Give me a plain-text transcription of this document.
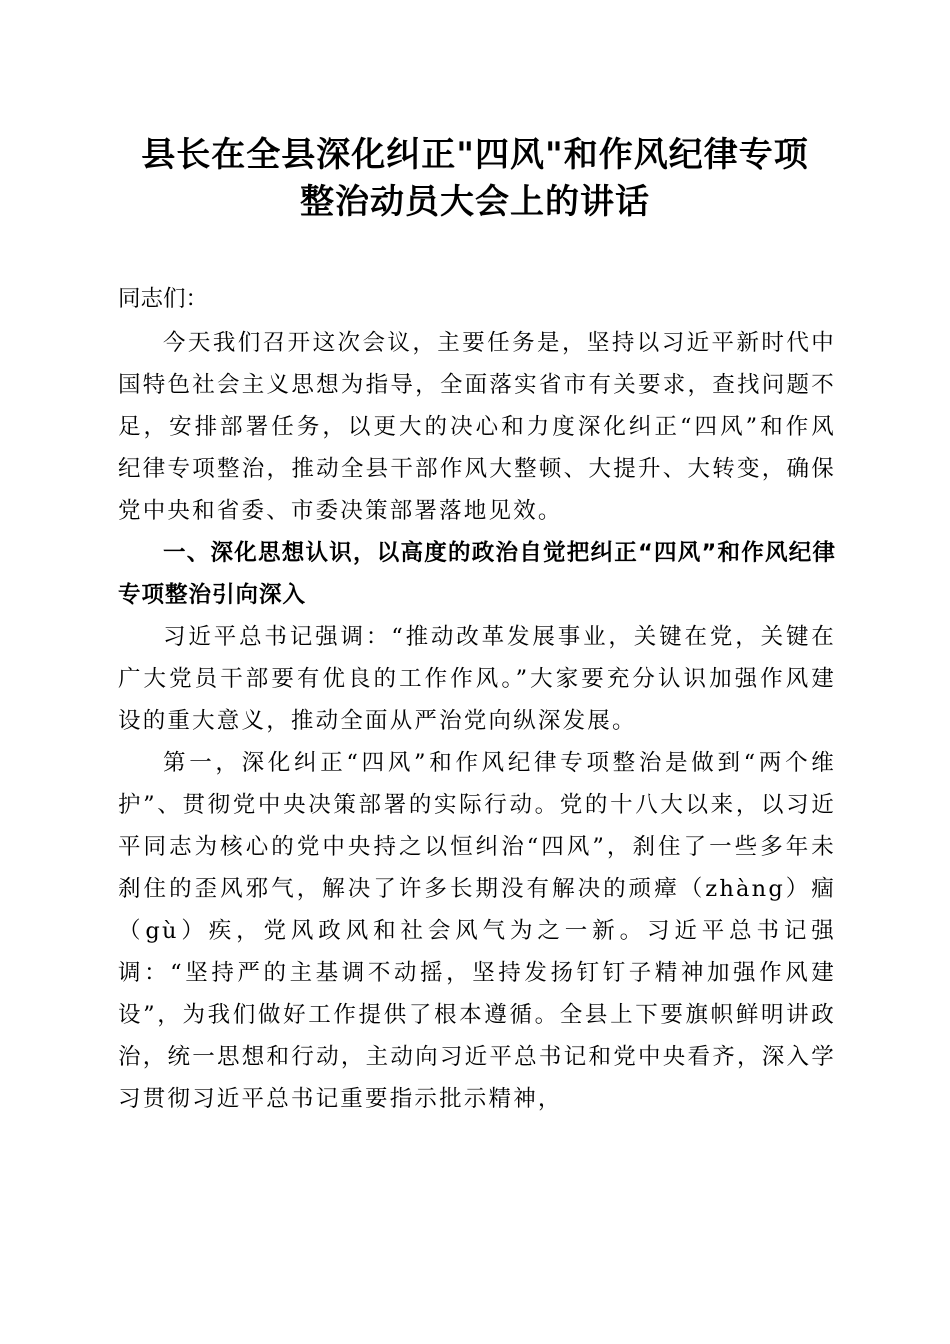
县长在全县深化纠正"四风"和作风纪律专项
整治动员大会上的讲话

同志们：

今天我们召开这次会议，主要任务是，坚持以习近平新时代中国特色社会主义思想为指导，全面落实省市有关要求，查找问题不足，安排部署任务，以更大的决心和力度深化纠正“四风”和作风纪律专项整治，推动全县干部作风大整顿、大提升、大转变，确保党中央和省委、市委决策部署落地见效。

一、深化思想认识，以高度的政治自觉把纠正“四风”和作风纪律专项整治引向深入

习近平总书记强调：“推动改革发展事业，关键在党，关键在广大党员干部要有优良的工作作风。”大家要充分认识加强作风建设的重大意义，推动全面从严治党向纵深发展。

第一，深化纠正“四风”和作风纪律专项整治是做到“两个维护”、贯彻党中央决策部署的实际行动。党的十八大以来，以习近平同志为核心的党中央持之以恒纠治“四风”，刹住了一些多年未刹住的歪风邪气，解决了许多长期没有解决的顽瘴（zhàng）痼（gù）疾，党风政风和社会风气为之一新。习近平总书记强调：“坚持严的主基调不动摇，坚持发扬钉钉子精神加强作风建设”，为我们做好工作提供了根本遵循。全县上下要旗帜鲜明讲政治，统一思想和行动，主动向习近平总书记和党中央看齐，深入学习贯彻习近平总书记重要指示批示精神，
